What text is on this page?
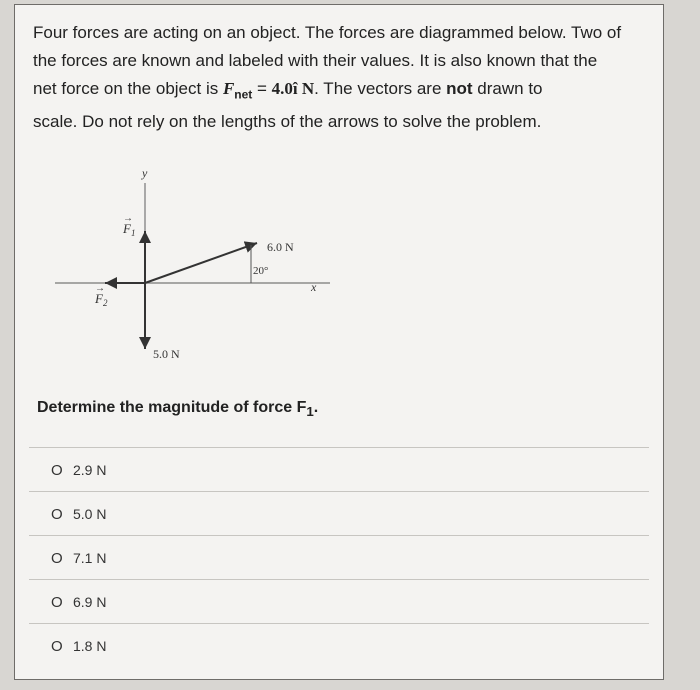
Four forces are acting on an object. The forces are diagrammed below. Two of
the forces are known and labeled with their values. It is also known that the
net force on the object is $F_{net}$ = 4.0î N. The vectors are not drawn to
scale. Do not rely on the lengths of the arrows to solve the problem.
y
x
$F_1$
→
$F_2$
→
6.0 N
20°
5.0 N
Determine the magnitude of force $F_1$.
O 2.9 N
O 5.0 N
O 7.1 N
O 6.9 N
O 1.8 N
